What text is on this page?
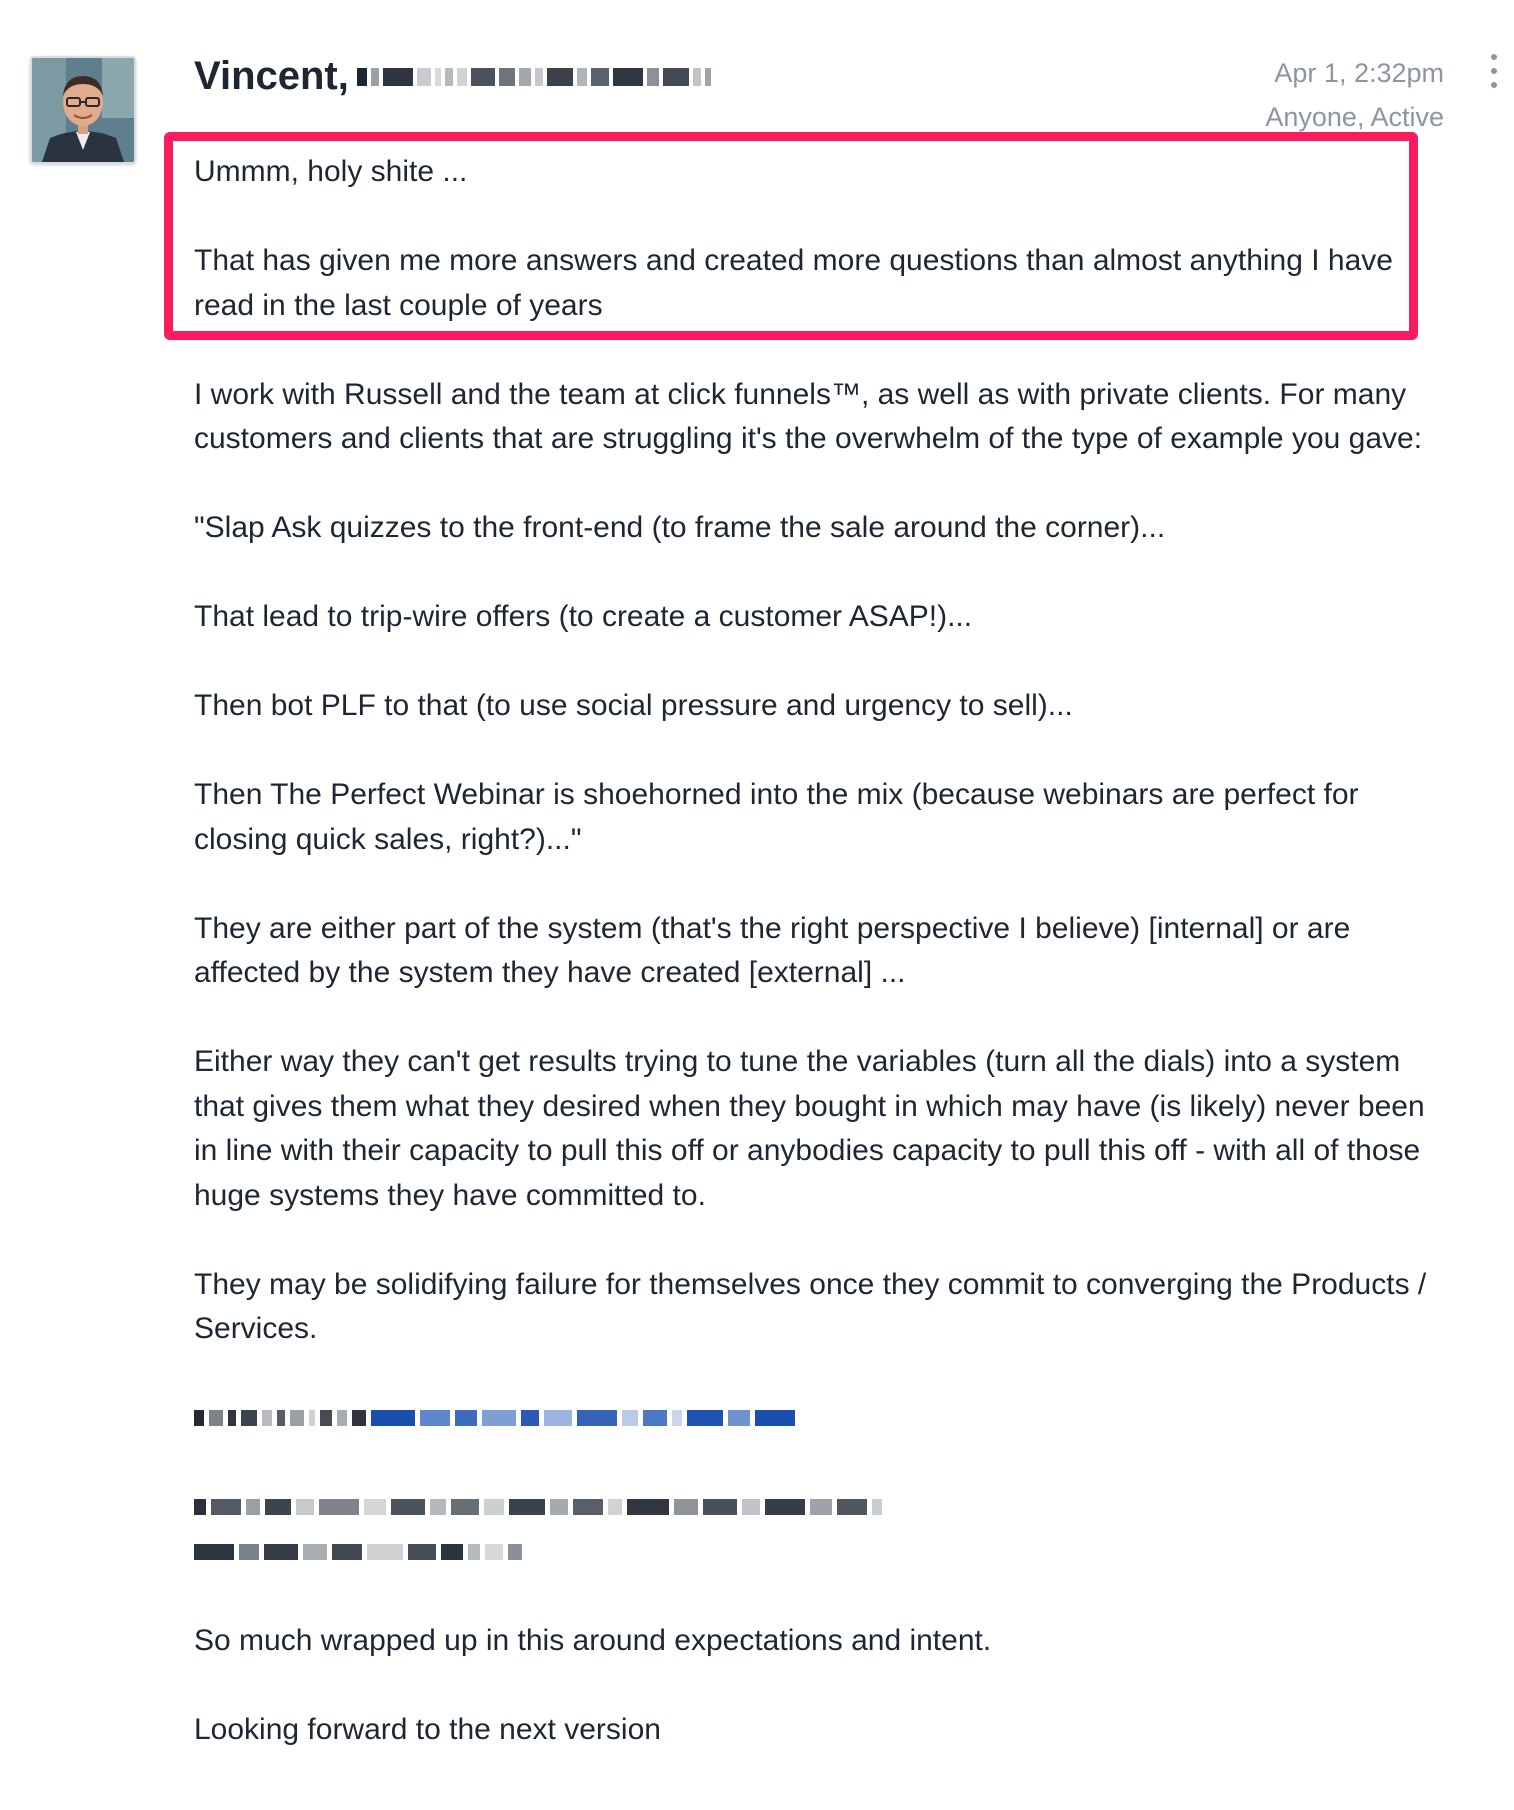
Vincent,	Apr 1, 2:32pm
Anyone, Active

Ummm, holy shite ...

That has given me more answers and created more questions than almost anything I have read in the last couple of years

I work with Russell and the team at click funnels™, as well as with private clients. For many customers and clients that are struggling it's the overwhelm of the type of example you gave:

"Slap Ask quizzes to the front-end (to frame the sale around the corner)...

That lead to trip-wire offers (to create a customer ASAP!)...

Then bot PLF to that (to use social pressure and urgency to sell)...

Then The Perfect Webinar is shoehorned into the mix (because webinars are perfect for closing quick sales, right?)..."

They are either part of the system (that's the right perspective I believe) [internal] or are affected by the system they have created [external] ...

Either way they can't get results trying to tune the variables (turn all the dials) into a system that gives them what they desired when they bought in which may have (is likely) never been in line with their capacity to pull this off or anybodies capacity to pull this off - with all of those huge systems they have committed to.

They may be solidifying failure for themselves once they commit to converging the Products / Services.

So much wrapped up in this around expectations and intent.

Looking forward to the next version
